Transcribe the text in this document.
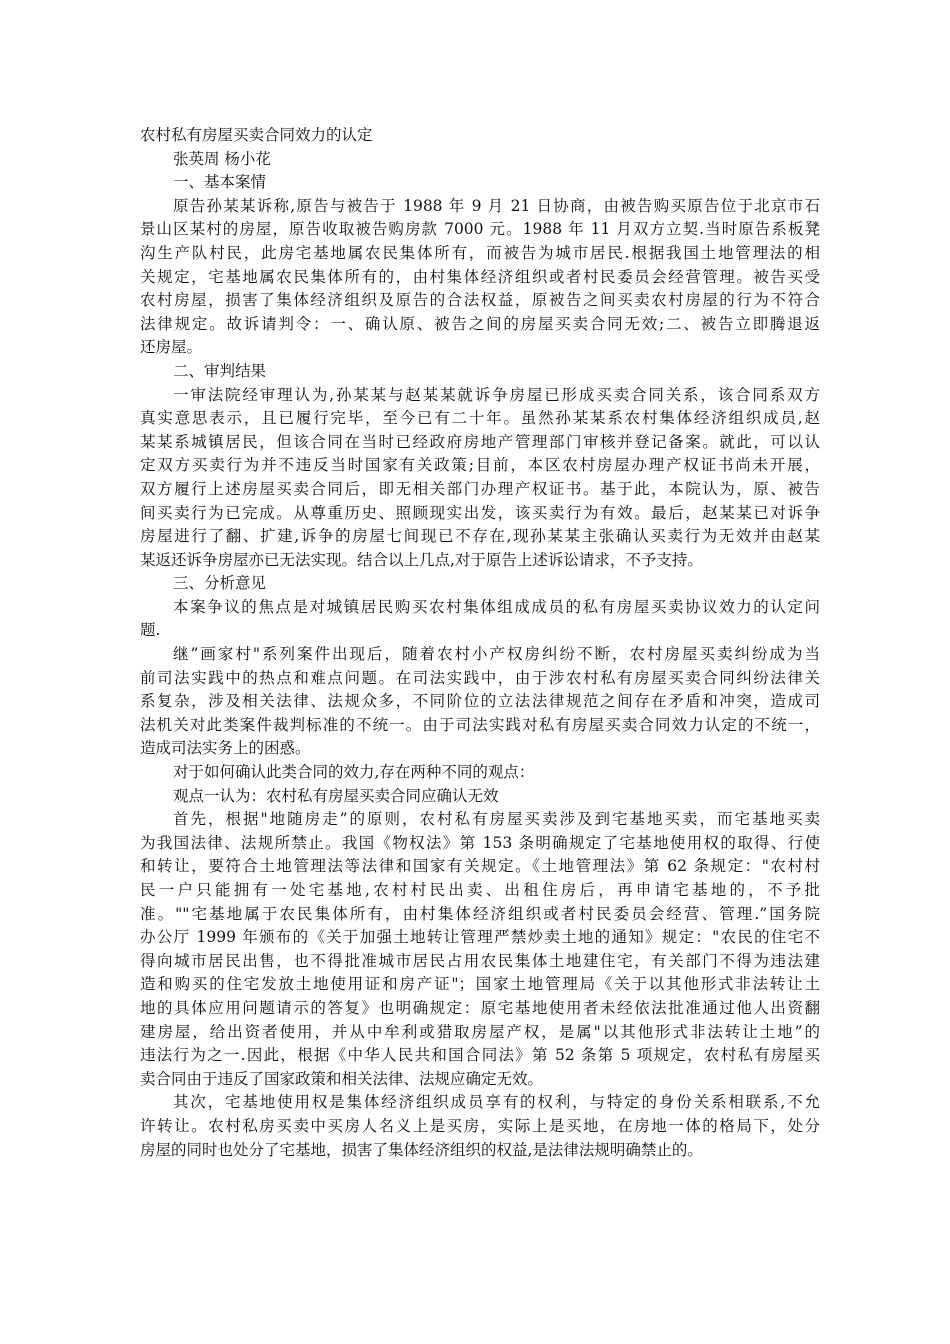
农村私有房屋买卖合同效力的认定

张英周 杨小花

一、基本案情

原告孙某某诉称,原告与被告于 1988 年 9 月 21 日协商，由被告购买原告位于北京市石

景山区某村的房屋，原告收取被告购房款 7000 元。1988 年 11 月双方立契.当时原告系板凳

沟生产队村民，此房宅基地属农民集体所有，而被告为城市居民.根据我国土地管理法的相

关规定，宅基地属农民集体所有的，由村集体经济组织或者村民委员会经营管理。被告买受

农村房屋，损害了集体经济组织及原告的合法权益，原被告之间买卖农村房屋的行为不符合

法律规定。故诉请判令：一、确认原、被告之间的房屋买卖合同无效;二、被告立即腾退返

还房屋。

二、审判结果

一审法院经审理认为,孙某某与赵某某就诉争房屋已形成买卖合同关系，该合同系双方

真实意思表示，且已履行完毕，至今已有二十年。虽然孙某某系农村集体经济组织成员,赵

某某系城镇居民，但该合同在当时已经政府房地产管理部门审核并登记备案。就此，可以认

定双方买卖行为并不违反当时国家有关政策;目前，本区农村房屋办理产权证书尚未开展，

双方履行上述房屋买卖合同后，即无相关部门办理产权证书。基于此，本院认为，原、被告

间买卖行为已完成。从尊重历史、照顾现实出发，该买卖行为有效。最后，赵某某已对诉争

房屋进行了翻、扩建,诉争的房屋七间现已不存在,现孙某某主张确认买卖行为无效并由赵某

某返还诉争房屋亦已无法实现。结合以上几点,对于原告上述诉讼请求，不予支持。

三、分析意见

本案争议的焦点是对城镇居民购买农村集体组成成员的私有房屋买卖协议效力的认定问

题.

继”画家村"系列案件出现后，随着农村小产权房纠纷不断，农村房屋买卖纠纷成为当

前司法实践中的热点和难点问题。在司法实践中，由于涉农村私有房屋买卖合同纠纷法律关

系复杂，涉及相关法律、法规众多，不同阶位的立法法律规范之间存在矛盾和冲突，造成司

法机关对此类案件裁判标准的不统一。由于司法实践对私有房屋买卖合同效力认定的不统一，

造成司法实务上的困惑。

对于如何确认此类合同的效力,存在两种不同的观点：

观点一认为：农村私有房屋买卖合同应确认无效

首先，根据"地随房走”的原则，农村私有房屋买卖涉及到宅基地买卖，而宅基地买卖

为我国法律、法规所禁止。我国《物权法》第 153 条明确规定了宅基地使用权的取得、行使

和转让，要符合土地管理法等法律和国家有关规定。《土地管理法》第 62 条规定："农村村

民一户只能拥有一处宅基地,农村村民出卖、出租住房后，再申请宅基地的，不予批

准。""宅基地属于农民集体所有，由村集体经济组织或者村民委员会经营、管理.”国务院

办公厅 1999 年颁布的《关于加强土地转让管理严禁炒卖土地的通知》规定："农民的住宅不

得向城市居民出售，也不得批准城市居民占用农民集体土地建住宅，有关部门不得为违法建

造和购买的住宅发放土地使用证和房产证"；国家土地管理局《关于以其他形式非法转让土

地的具体应用问题请示的答复》也明确规定：原宅基地使用者未经依法批准通过他人出资翻

建房屋，给出资者使用，并从中牟利或猎取房屋产权，是属"以其他形式非法转让土地”的

违法行为之一.因此，根据《中华人民共和国合同法》第 52 条第 5 项规定，农村私有房屋买

卖合同由于违反了国家政策和相关法律、法规应确定无效。

其次，宅基地使用权是集体经济组织成员享有的权利，与特定的身份关系相联系,不允

许转让。农村私房买卖中买房人名义上是买房，实际上是买地，在房地一体的格局下，处分

房屋的同时也处分了宅基地，损害了集体经济组织的权益,是法律法规明确禁止的。
